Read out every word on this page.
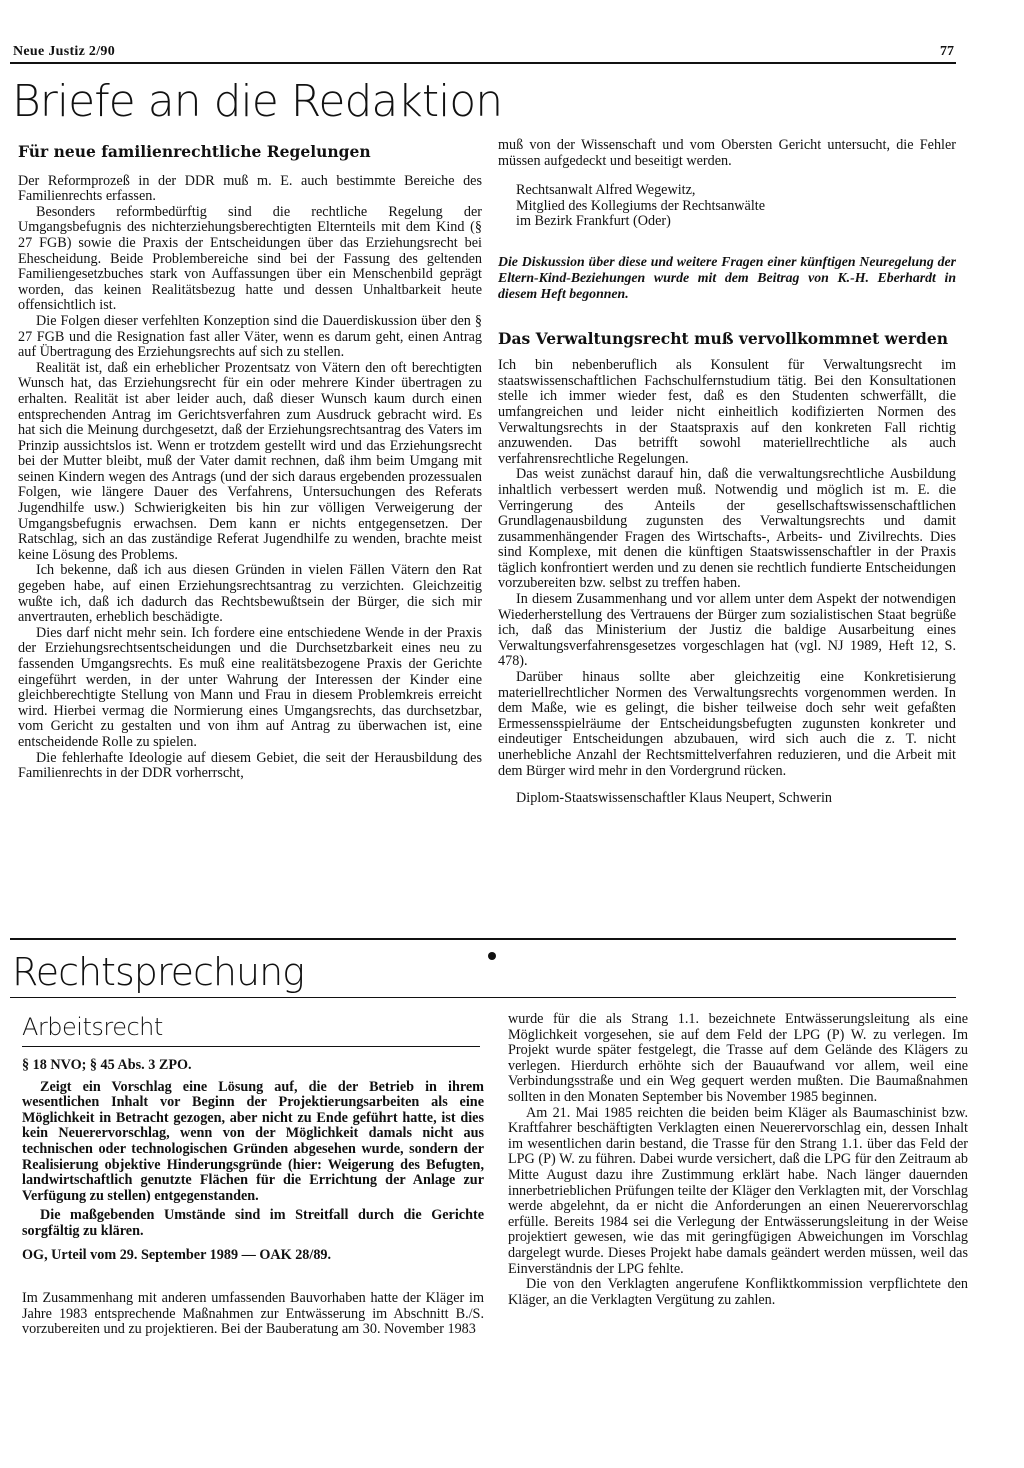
Neue Justiz 2/90	77
Briefe an die Redaktion
Für neue familienrechtliche Regelungen

Der Reformprozeß in der DDR muß m. E. auch bestimmte Bereiche des Familienrechts erfassen.

Besonders reformbedürftig sind die rechtliche Regelung der Umgangsbefugnis des nichterziehungsberechtigten Elternteils mit dem Kind (§ 27 FGB) sowie die Praxis der Entscheidungen über das Erziehungsrecht bei Ehescheidung. Beide Problembereiche sind bei der Fassung des geltenden Familiengesetzbuches stark von Auffassungen über ein Menschenbild geprägt worden, das keinen Realitätsbezug hatte und dessen Unhaltbarkeit heute offensichtlich ist.

Die Folgen dieser verfehlten Konzeption sind die Dauerdiskussion über den § 27 FGB und die Resignation fast aller Väter, wenn es darum geht, einen Antrag auf Übertragung des Erziehungsrechts auf sich zu stellen.

Realität ist, daß ein erheblicher Prozentsatz von Vätern den oft berechtigten Wunsch hat, das Erziehungsrecht für ein oder mehrere Kinder übertragen zu erhalten. Realität ist aber leider auch, daß dieser Wunsch kaum durch einen entsprechenden Antrag im Gerichtsverfahren zum Ausdruck gebracht wird. Es hat sich die Meinung durchgesetzt, daß der Erziehungsrechtsantrag des Vaters im Prinzip aussichtslos ist. Wenn er trotzdem gestellt wird und das Erziehungsrecht bei der Mutter bleibt, muß der Vater damit rechnen, daß ihm beim Umgang mit seinen Kindern wegen des Antrags (und der sich daraus ergebenden prozessualen Folgen, wie längere Dauer des Verfahrens, Untersuchungen des Referats Jugendhilfe usw.) Schwierigkeiten bis hin zur völligen Verweigerung der Umgangsbefugnis erwachsen. Dem kann er nichts entgegensetzen. Der Ratschlag, sich an das zuständige Referat Jugendhilfe zu wenden, brachte meist keine Lösung des Problems.

Ich bekenne, daß ich aus diesen Gründen in vielen Fällen Vätern den Rat gegeben habe, auf einen Erziehungsrechtsantrag zu verzichten. Gleichzeitig wußte ich, daß ich dadurch das Rechtsbewußtsein der Bürger, die sich mir anvertrauten, erheblich beschädigte.

Dies darf nicht mehr sein. Ich fordere eine entschiedene Wende in der Praxis der Erziehungsrechtsentscheidungen und die Durchsetzbarkeit eines neu zu fassenden Umgangsrechts. Es muß eine realitätsbezogene Praxis der Gerichte eingeführt werden, in der unter Wahrung der Interessen der Kinder eine gleichberechtigte Stellung von Mann und Frau in diesem Problemkreis erreicht wird. Hierbei vermag die Normierung eines Umgangsrechts, das durchsetzbar, vom Gericht zu gestalten und von ihm auf Antrag zu überwachen ist, eine entscheidende Rolle zu spielen.

Die fehlerhafte Ideologie auf diesem Gebiet, die seit der Herausbildung des Familienrechts in der DDR vorherrscht,

muß von der Wissenschaft und vom Obersten Gericht untersucht, die Fehler müssen aufgedeckt und beseitigt werden.

Rechtsanwalt Alfred Wegewitz,

Mitglied des Kollegiums der Rechtsanwälte

im Bezirk Frankfurt (Oder)

Die Diskussion über diese und weitere Fragen einer künftigen Neuregelung der Eltern-Kind-Beziehungen wurde mit dem Beitrag von K.-H. Eberhardt in diesem Heft begonnen.

Das Verwaltungsrecht muß vervollkommnet werden

Ich bin nebenberuflich als Konsulent für Verwaltungsrecht im staatswissenschaftlichen Fachschulfernstudium tätig. Bei den Konsultationen stelle ich immer wieder fest, daß es den Studenten schwerfällt, die umfangreichen und leider nicht einheitlich kodifizierten Normen des Verwaltungsrechts in der Staatspraxis auf den konkreten Fall richtig anzuwenden. Das betrifft sowohl materiellrechtliche als auch verfahrensrechtliche Regelungen.

Das weist zunächst darauf hin, daß die verwaltungsrechtliche Ausbildung inhaltlich verbessert werden muß. Notwendig und möglich ist m. E. die Verringerung des Anteils der gesellschaftswissenschaftlichen Grundlagenausbildung zugunsten des Verwaltungsrechts und damit zusammenhängender Fragen des Wirtschafts-, Arbeits- und Zivilrechts. Dies sind Komplexe, mit denen die künftigen Staatswissenschaftler in der Praxis täglich konfrontiert werden und zu denen sie rechtlich fundierte Entscheidungen vorzubereiten bzw. selbst zu treffen haben.

In diesem Zusammenhang und vor allem unter dem Aspekt der notwendigen Wiederherstellung des Vertrauens der Bürger zum sozialistischen Staat begrüße ich, daß das Ministerium der Justiz die baldige Ausarbeitung eines Verwaltungsverfahrensgesetzes vorgeschlagen hat (vgl. NJ 1989, Heft 12, S. 478).

Darüber hinaus sollte aber gleichzeitig eine Konkretisierung materiellrechtlicher Normen des Verwaltungsrechts vorgenommen werden. In dem Maße, wie es gelingt, die bisher teilweise doch sehr weit gefaßten Ermessensspielräume der Entscheidungsbefugten zugunsten konkreter und eindeutiger Entscheidungen abzubauen, wird sich auch die z. T. nicht unerhebliche Anzahl der Rechtsmittelverfahren reduzieren, und die Arbeit mit dem Bürger wird mehr in den Vordergrund rücken.

Diplom-Staatswissenschaftler Klaus Neupert, Schwerin

Rechtsprechung
Arbeitsrecht

§ 18 NVO; § 45 Abs. 3 ZPO.

Zeigt ein Vorschlag eine Lösung auf, die der Betrieb in ihrem wesentlichen Inhalt vor Beginn der Projektierungsarbeiten als eine Möglichkeit in Betracht gezogen, aber nicht zu Ende geführt hatte, ist dies kein Neuerervorschlag, wenn von der Möglichkeit damals nicht aus technischen oder technologischen Gründen abgesehen wurde, sondern der Realisierung objektive Hinderungsgründe (hier: Weigerung des Befugten, landwirtschaftlich genutzte Flächen für die Errichtung der Anlage zur Verfügung zu stellen) entgegenstanden.

Die maßgebenden Umstände sind im Streitfall durch die Gerichte sorgfältig zu klären.

OG, Urteil vom 29. September 1989 — OAK 28/89.

Im Zusammenhang mit anderen umfassenden Bauvorhaben hatte der Kläger im Jahre 1983 entsprechende Maßnahmen zur Entwässerung im Abschnitt B./S. vorzubereiten und zu projektieren. Bei der Bauberatung am 30. November 1983

wurde für die als Strang 1.1. bezeichnete Entwässerungsleitung als eine Möglichkeit vorgesehen, sie auf dem Feld der LPG (P) W. zu verlegen. Im Projekt wurde später festgelegt, die Trasse auf dem Gelände des Klägers zu verlegen. Hierdurch erhöhte sich der Bauaufwand vor allem, weil eine Verbindungsstraße und ein Weg gequert werden mußten. Die Baumaßnahmen sollten in den Monaten September bis November 1985 beginnen.

Am 21. Mai 1985 reichten die beiden beim Kläger als Baumaschinist bzw. Kraftfahrer beschäftigten Verklagten einen Neuerervorschlag ein, dessen Inhalt im wesentlichen darin bestand, die Trasse für den Strang 1.1. über das Feld der LPG (P) W. zu führen. Dabei wurde versichert, daß die LPG für den Zeitraum ab Mitte August dazu ihre Zustimmung erklärt habe. Nach länger dauernden innerbetrieblichen Prüfungen teilte der Kläger den Verklagten mit, der Vorschlag werde abgelehnt, da er nicht die Anforderungen an einen Neuerervorschlag erfülle. Bereits 1984 sei die Verlegung der Entwässerungsleitung in der Weise projektiert gewesen, wie das mit geringfügigen Abweichungen im Vorschlag dargelegt wurde. Dieses Projekt habe damals geändert werden müssen, weil das Einverständnis der LPG fehlte.

Die von den Verklagten angerufene Konfliktkommission verpflichtete den Kläger, an die Verklagten Vergütung zu zahlen.
